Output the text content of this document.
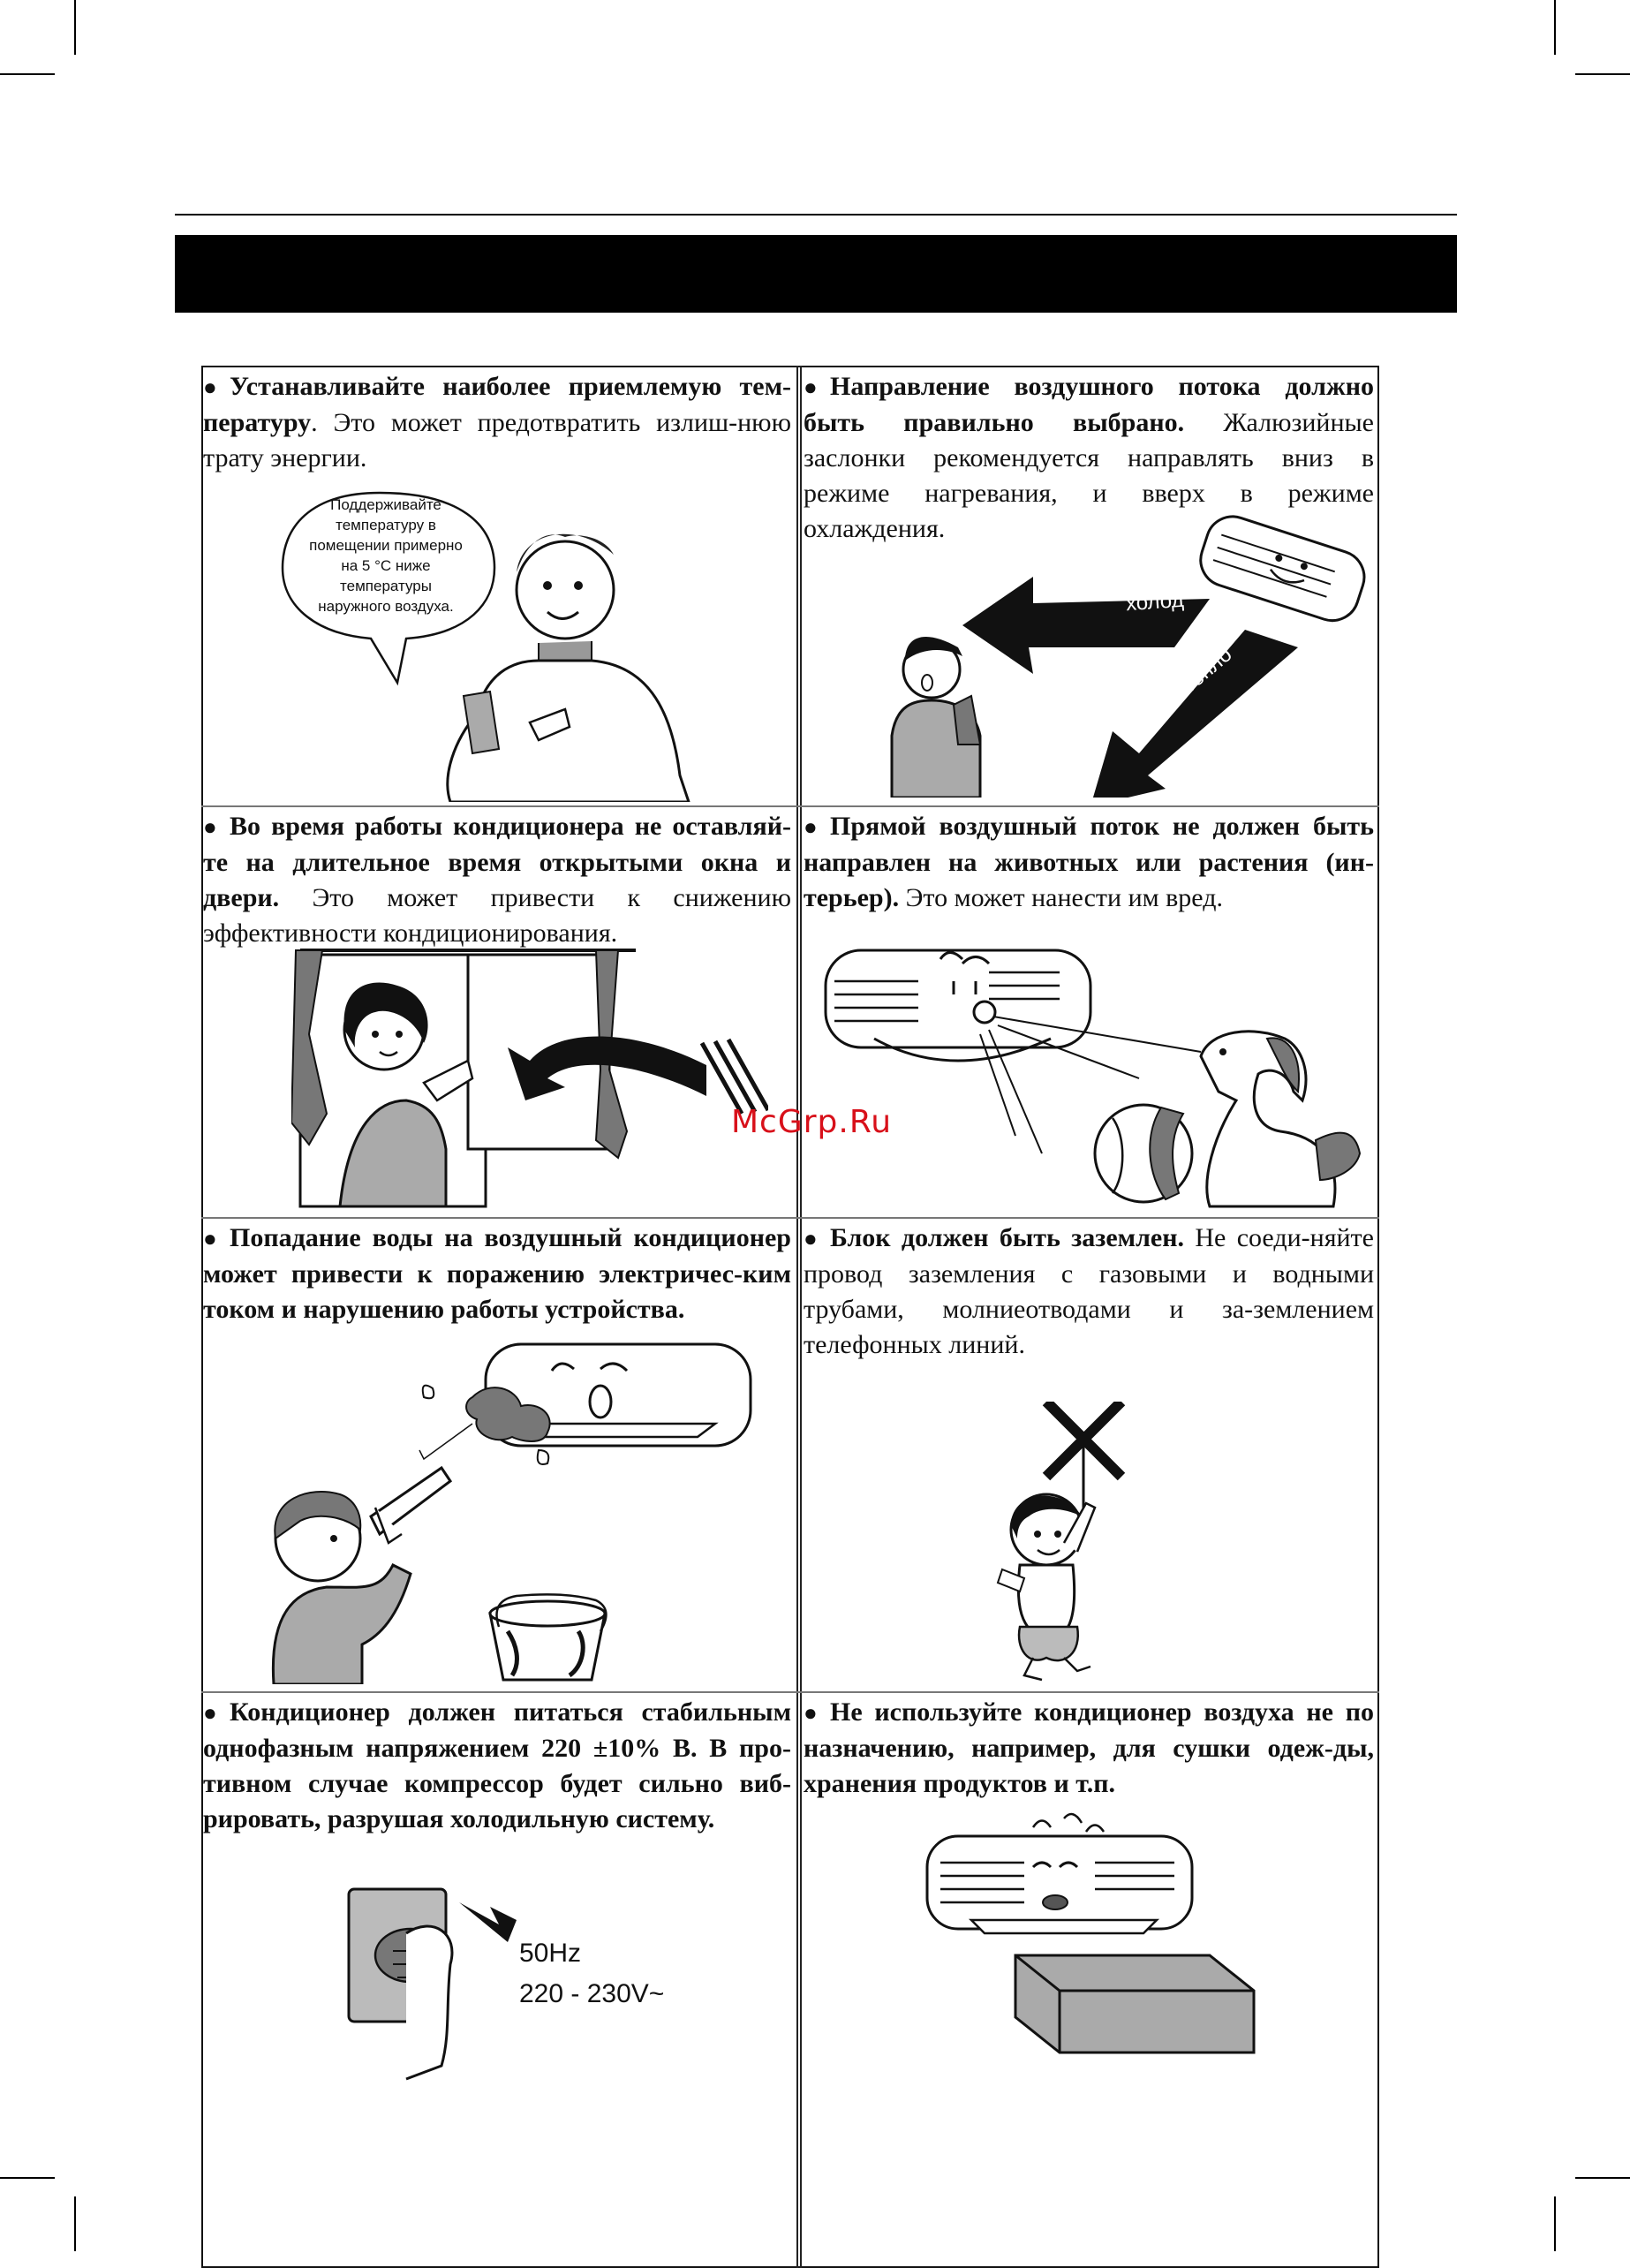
● Устанавливайте наиболее приемлемую тем-пературу. Это может предотвратить излиш-нюю трату энергии.
Поддерживайте температуру в помещении примерно на 5 °С ниже температуры наружного воздуха.
● Направление воздушного потока должно быть правильно выбрано. Жалюзийные заслонки рекомендуется направлять вниз в режиме нагревания, и вверх в режиме охлаждения.
холод
тепло
● Во время работы кондиционера не оставляй-те на длительное время открытыми окна и двери. Это может привести к снижению эффективности кондиционирования.
● Прямой воздушный поток не должен быть направлен на животных или растения (ин-терьер). Это может нанести им вред.
● Попадание воды на воздушный кондиционер может привести к поражению электричес-ким током и нарушению работы устройства.
● Блок должен быть заземлен. Не соеди-няйте провод заземления с газовыми и водными трубами, молниеотводами и за-землением телефонных линий.
● Кондиционер должен питаться стабильным однофазным напряжением 220 ±10% В. В про-тивном случае компрессор будет сильно виб-рировать, разрушая холодильную систему.
50Hz
220 - 230V~
● Не используйте кондиционер воздуха не по назначению, например, для сушки одеж-ды, хранения продуктов и т.п.
McGrp.Ru
